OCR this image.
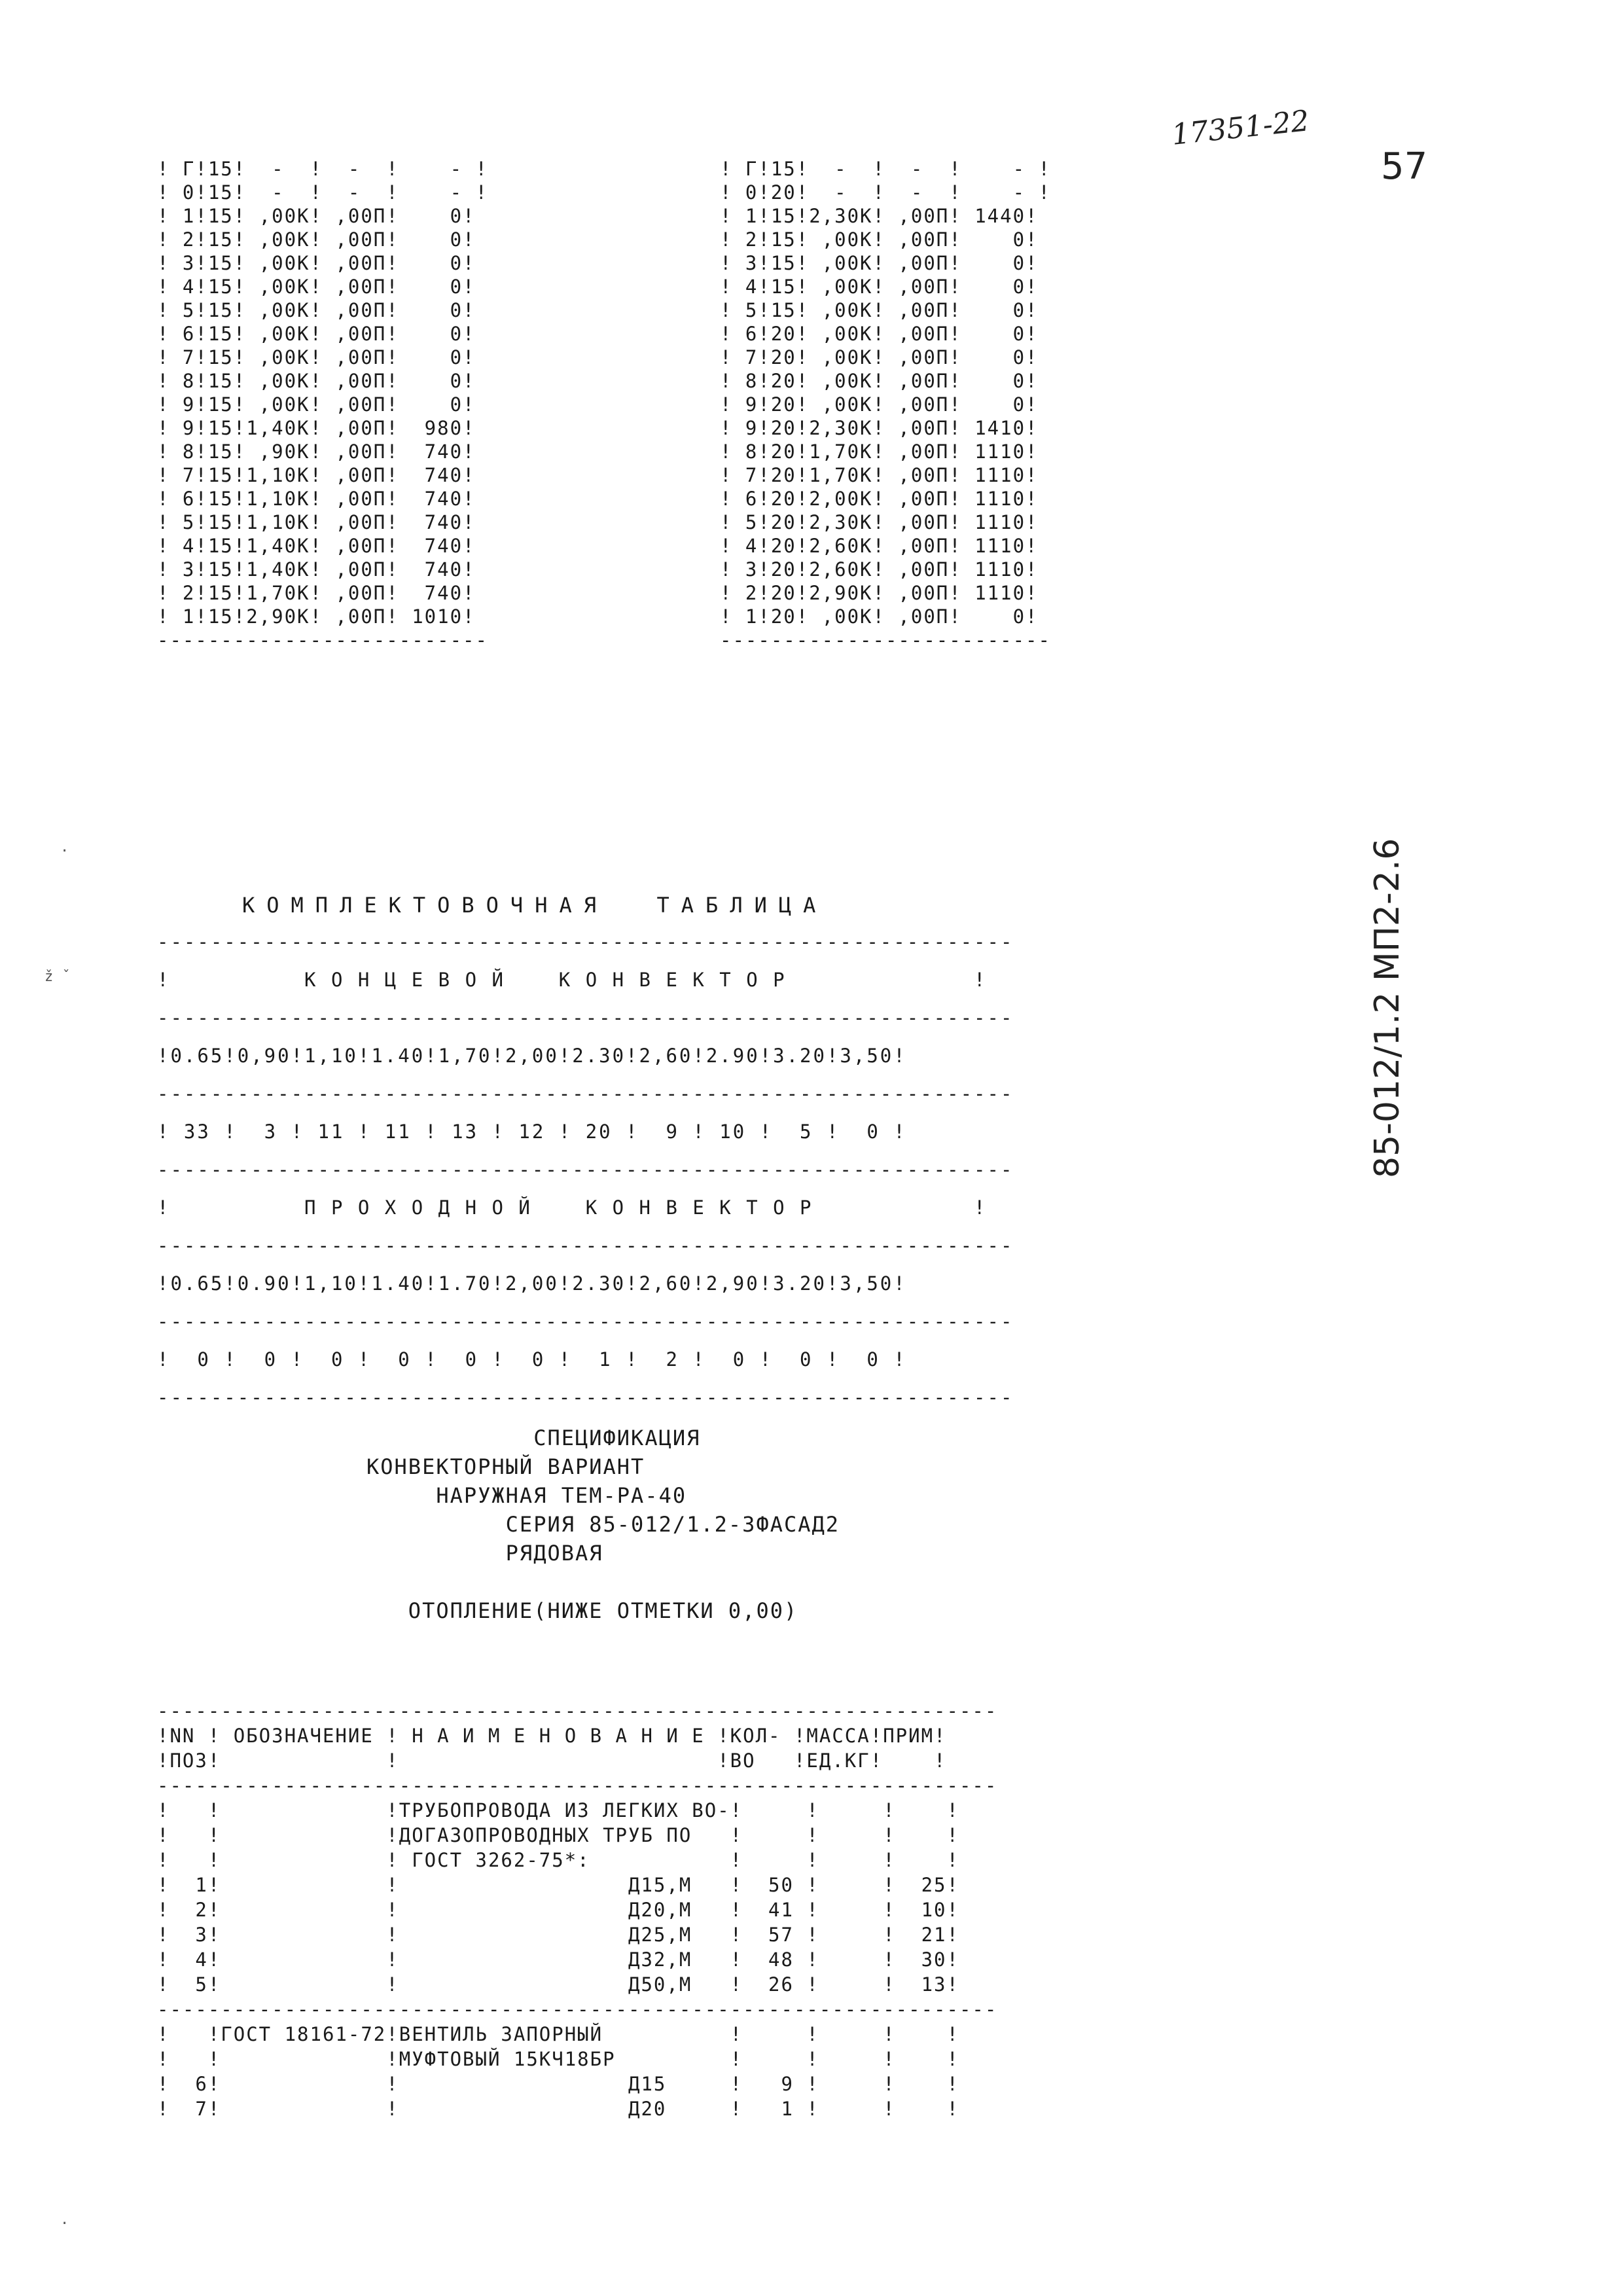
17351-22
57
85-012/1.2 МП2-2.6
! Г!15!  -  !  -  !    - !
! 0!15!  -  !  -  !    - !
! 1!15! ,00К! ,00П!    0!
! 2!15! ,00К! ,00П!    0!
! 3!15! ,00К! ,00П!    0!
! 4!15! ,00К! ,00П!    0!
! 5!15! ,00К! ,00П!    0!
! 6!15! ,00К! ,00П!    0!
! 7!15! ,00К! ,00П!    0!
! 8!15! ,00К! ,00П!    0!
! 9!15! ,00К! ,00П!    0!
! 9!15!1,40К! ,00П!  980!
! 8!15! ,90К! ,00П!  740!
! 7!15!1,10К! ,00П!  740!
! 6!15!1,10К! ,00П!  740!
! 5!15!1,10К! ,00П!  740!
! 4!15!1,40К! ,00П!  740!
! 3!15!1,40К! ,00П!  740!
! 2!15!1,70К! ,00П!  740!
! 1!15!2,90К! ,00П! 1010!
--------------------------
! Г!15!  -  !  -  !    - !
! 0!20!  -  !  -  !    - !
! 1!15!2,30К! ,00П! 1440!
! 2!15! ,00К! ,00П!    0!
! 3!15! ,00К! ,00П!    0!
! 4!15! ,00К! ,00П!    0!
! 5!15! ,00К! ,00П!    0!
! 6!20! ,00К! ,00П!    0!
! 7!20! ,00К! ,00П!    0!
! 8!20! ,00К! ,00П!    0!
! 9!20! ,00К! ,00П!    0!
! 9!20!2,30К! ,00П! 1410!
! 8!20!1,70К! ,00П! 1110!
! 7!20!1,70К! ,00П! 1110!
! 6!20!2,00К! ,00П! 1110!
! 5!20!2,30К! ,00П! 1110!
! 4!20!2,60К! ,00П! 1110!
! 3!20!2,60К! ,00П! 1110!
! 2!20!2,90К! ,00П! 1110!
! 1!20! ,00К! ,00П!    0!
--------------------------
КОМПЛЕКТОВОЧНАЯ  ТАБЛИЦА
----------------------------------------------------------------
!          К О Н Ц Е В О Й    К О Н В Е К Т О Р              !
----------------------------------------------------------------
!0.65!0,90!1,10!1.40!1,70!2,00!2.30!2,60!2.90!3.20!3,50!
----------------------------------------------------------------
! 33 !  3 ! 11 ! 11 ! 13 ! 12 ! 20 !  9 ! 10 !  5 !  0 !
----------------------------------------------------------------
!          П Р О Х О Д Н О Й    К О Н В Е К Т О Р            !
----------------------------------------------------------------
!0.65!0.90!1,10!1.40!1.70!2,00!2.30!2,60!2,90!3.20!3,50!
----------------------------------------------------------------
!  0 !  0 !  0 !  0 !  0 !  0 !  1 !  2 !  0 !  0 !  0 !
----------------------------------------------------------------
СПЕЦИФИКАЦИЯ
КОНВЕКТОРНЫЙ ВАРИАНТ
НАРУЖНАЯ ТЕМ-РА-40
СЕРИЯ 85-012/1.2-3ФАСАД2
РЯДОВАЯ

ОТОПЛЕНИЕ(НИЖЕ ОТМЕТКИ 0,00)
------------------------------------------------------------------
!NN ! ОБОЗНАЧЕНИЕ ! Н А И М Е Н О В А Н И Е !КОЛ- !МАССА!ПРИМ!
!ПОЗ!             !                         !ВО   !ЕД.КГ!    !
------------------------------------------------------------------
!   !             !ТРУБОПРОВОДА ИЗ ЛЕГКИХ ВО-!     !     !    !
!   !             !ДОГАЗОПРОВОДНЫХ ТРУБ ПО   !     !     !    !
!   !             ! ГОСТ 3262-75*:           !     !     !    !
!  1!             !                  Д15,М   !  50 !     !  25!
!  2!             !                  Д20,М   !  41 !     !  10!
!  3!             !                  Д25,М   !  57 !     !  21!
!  4!             !                  Д32,М   !  48 !     !  30!
!  5!             !                  Д50,М   !  26 !     !  13!
------------------------------------------------------------------
!   !ГОСТ 18161-72!ВЕНТИЛЬ ЗАПОРНЫЙ          !     !     !    !
!   !             !МУФТОВЫЙ 15КЧ18БР         !     !     !    !
!  6!             !                  Д15     !   9 !     !    !
!  7!             !                  Д20     !   1 !     !    !
·
ž ˇ
·
